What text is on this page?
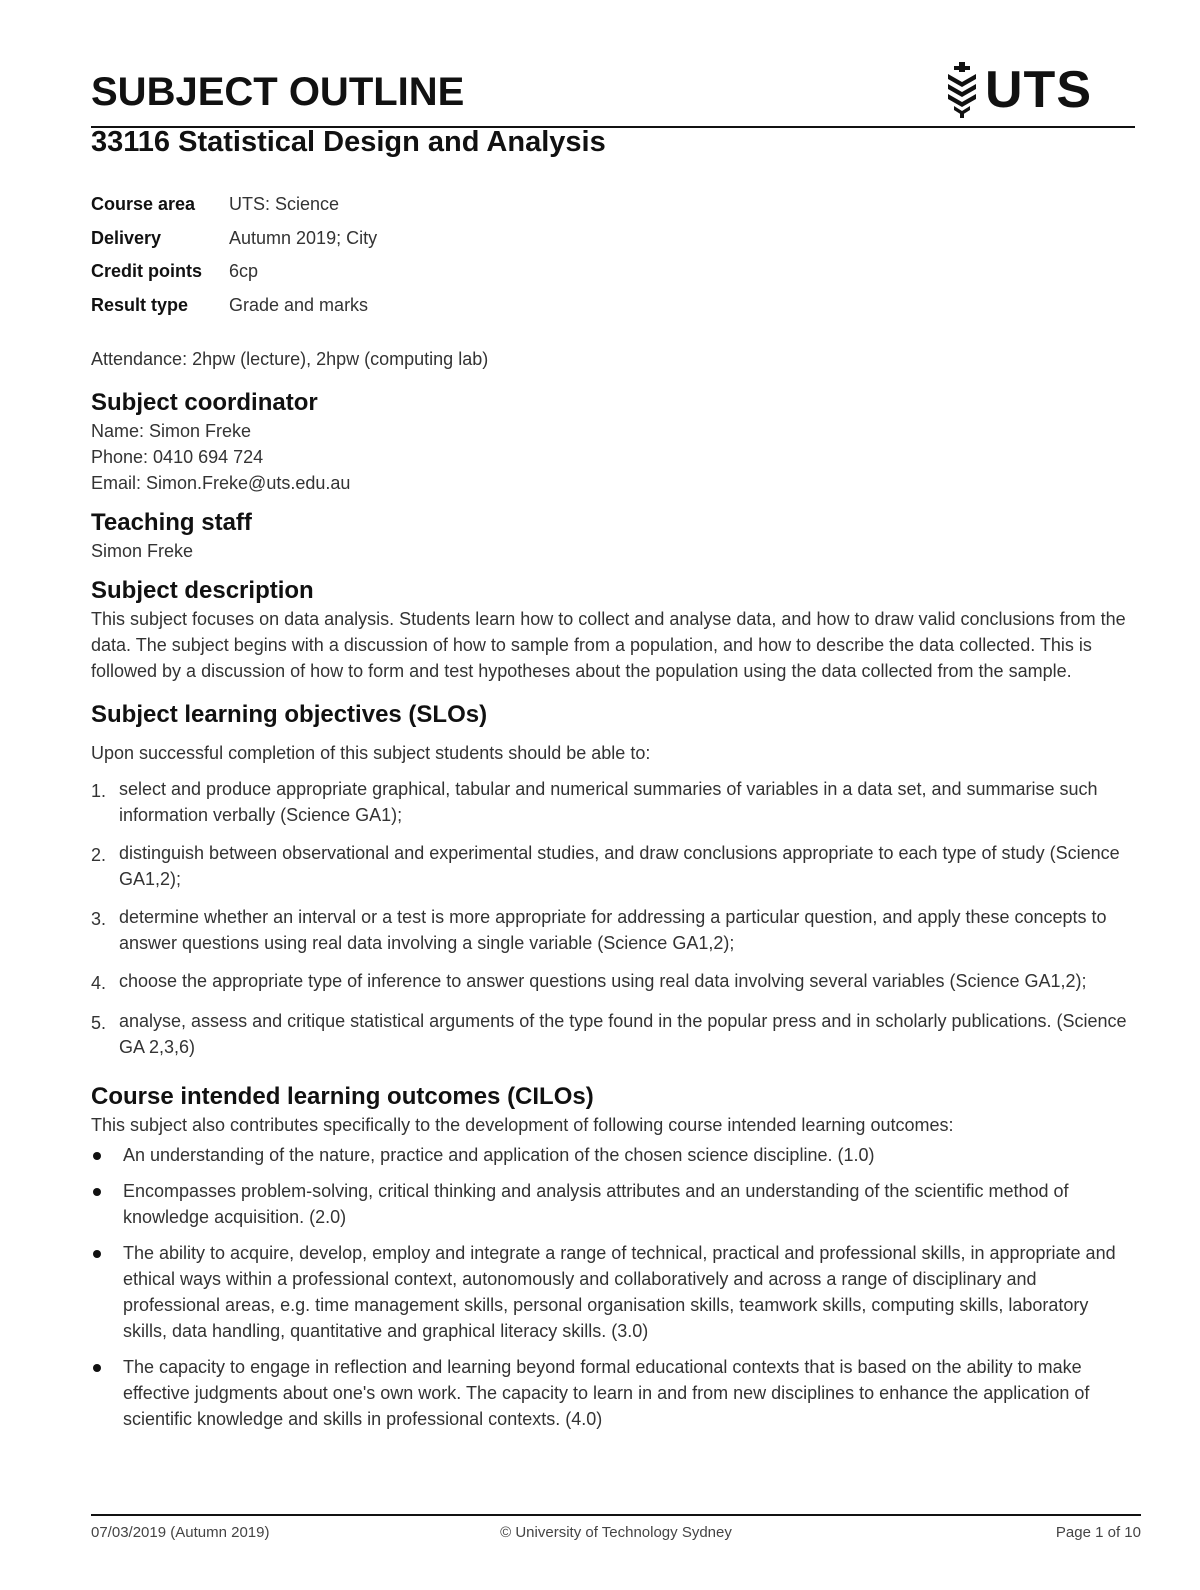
SUBJECT OUTLINE	UTS
33116 Statistical Design and Analysis
Course area	UTS: Science
Delivery	Autumn 2019; City
Credit points	6cp
Result type	Grade and marks

Attendance: 2hpw (lecture), 2hpw (computing lab)

Subject coordinator

Name: Simon Freke

Phone: 0410 694 724

Email: Simon.Freke@uts.edu.au

Teaching staff

Simon Freke

Subject description

This subject focuses on data analysis. Students learn how to collect and analyse data, and how to draw valid conclusions from the data. The subject begins with a discussion of how to sample from a population, and how to describe the data collected. This is followed by a discussion of how to form and test hypotheses about the population using the data collected from the sample.

Subject learning objectives (SLOs)

Upon successful completion of this subject students should be able to:

1. select and produce appropriate graphical, tabular and numerical summaries of variables in a data set, and summarise such information verbally (Science GA1);
2. distinguish between observational and experimental studies, and draw conclusions appropriate to each type of study (Science GA1,2);
3. determine whether an interval or a test is more appropriate for addressing a particular question, and apply these concepts to answer questions using real data involving a single variable (Science GA1,2);
4. choose the appropriate type of inference to answer questions using real data involving several variables (Science GA1,2);
5. analyse, assess and critique statistical arguments of the type found in the popular press and in scholarly publications. (Science GA 2,3,6)
Course intended learning outcomes (CILOs)

This subject also contributes specifically to the development of following course intended learning outcomes:

An understanding of the nature, practice and application of the chosen science discipline. (1.0)
Encompasses problem-solving, critical thinking and analysis attributes and an understanding of the scientific method of knowledge acquisition. (2.0)
The ability to acquire, develop, employ and integrate a range of technical, practical and professional skills, in appropriate and ethical ways within a professional context, autonomously and collaboratively and across a range of disciplinary and professional areas, e.g. time management skills, personal organisation skills, teamwork skills, computing skills, laboratory skills, data handling, quantitative and graphical literacy skills. (3.0)
The capacity to engage in reflection and learning beyond formal educational contexts that is based on the ability to make effective judgments about one's own work. The capacity to learn in and from new disciplines to enhance the application of scientific knowledge and skills in professional contexts. (4.0)
07/03/2019 (Autumn 2019)	© University of Technology Sydney	Page 1 of 10
